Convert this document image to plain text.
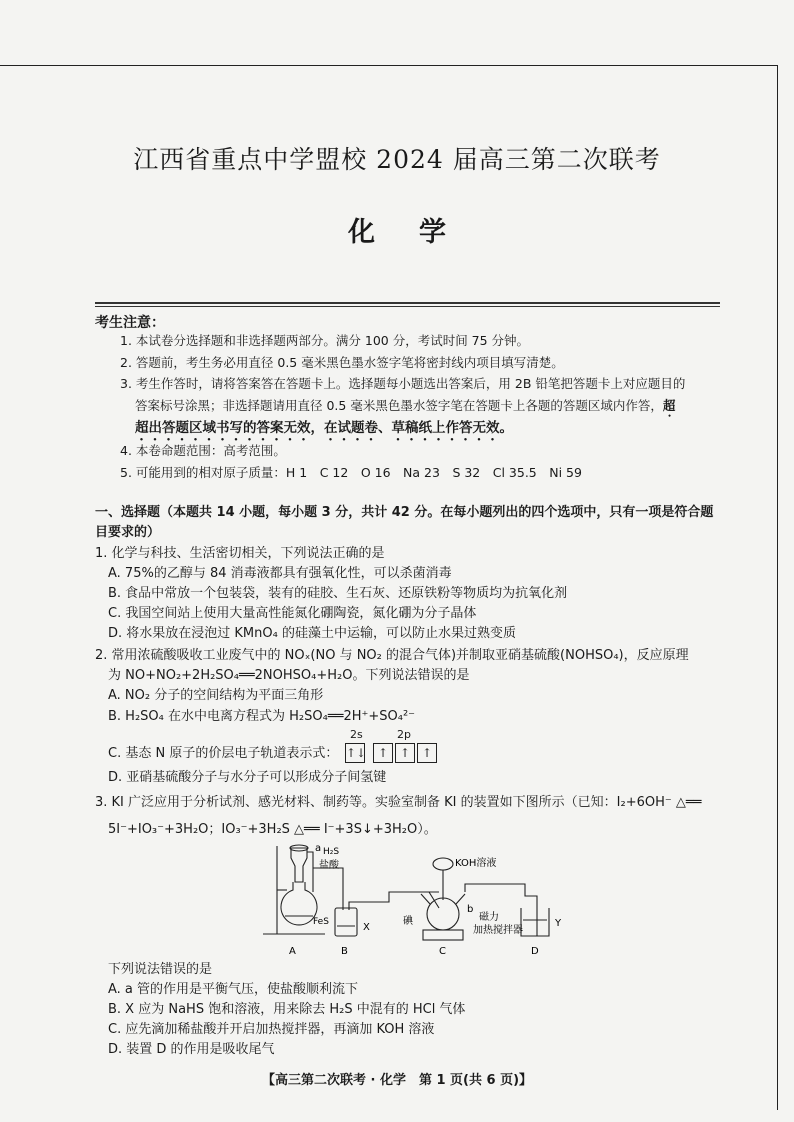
江西省重点中学盟校 2024 届高三第二次联考
化学
考生注意：
1. 本试卷分选择题和非选择题两部分。满分 100 分，考试时间 75 分钟。
2. 答题前，考生务必用直径 0.5 毫米黑色墨水签字笔将密封线内项目填写清楚。
3. 考生作答时，请将答案答在答题卡上。选择题每小题选出答案后，用 2B 铅笔把答题卡上对应题目的
答案标号涂黑；非选择题请用直径 0.5 毫米黑色墨水签字笔在答题卡上各题的答题区域内作答，超
超出答题区域书写的答案无效，在试题卷、草稿纸上作答无效。
4. 本卷命题范围：高考范围。
5. 可能用到的相对原子质量：H 1　C 12　O 16　Na 23　S 32　Cl 35.5　Ni 59
一、选择题（本题共 14 小题，每小题 3 分，共计 42 分。在每小题列出的四个选项中，只有一项是符合题目要求的）
1. 化学与科技、生活密切相关，下列说法正确的是
A. 75%的乙醇与 84 消毒液都具有强氧化性，可以杀菌消毒
B. 食品中常放一个包装袋，装有的硅胶、生石灰、还原铁粉等物质均为抗氧化剂
C. 我国空间站上使用大量高性能氮化硼陶瓷，氮化硼为分子晶体
D. 将水果放在浸泡过 KMnO₄ 的硅藻土中运输，可以防止水果过熟变质
2. 常用浓硫酸吸收工业废气中的 NOₓ(NO 与 NO₂ 的混合气体)并制取亚硝基硫酸(NOHSO₄)，反应原理
为 NO+NO₂+2H₂SO₄══2NOHSO₄+H₂O。下列说法错误的是
A. NO₂ 分子的空间结构为平面三角形
B. H₂SO₄ 在水中电离方程式为 H₂SO₄══2H⁺+SO₄²⁻
C. 基态 N 原子的价层电子轨道表示式：
2s	2p
↑↓ ↑ ↑ ↑
D. 亚硝基硫酸分子与水分子可以形成分子间氢键
3. KI 广泛应用于分析试剂、感光材料、制药等。实验室制备 KI 的装置如下图所示（已知：I₂+6OH⁻ △══
5I⁻+IO₃⁻+3H₂O；IO₃⁻+3H₂S △══ I⁻+3S↓+3H₂O）。
a H₂S
盐酸
FeS	X
KOH溶液
碘
b
磁力
加热搅拌器
Y
A	B	C	D
下列说法错误的是
A. a 管的作用是平衡气压，使盐酸顺利流下
B. X 应为 NaHS 饱和溶液，用来除去 H₂S 中混有的 HCl 气体
C. 应先滴加稀盐酸并开启加热搅拌器，再滴加 KOH 溶液
D. 装置 D 的作用是吸收尾气
【高三第二次联考 · 化学　第 1 页(共 6 页)】
